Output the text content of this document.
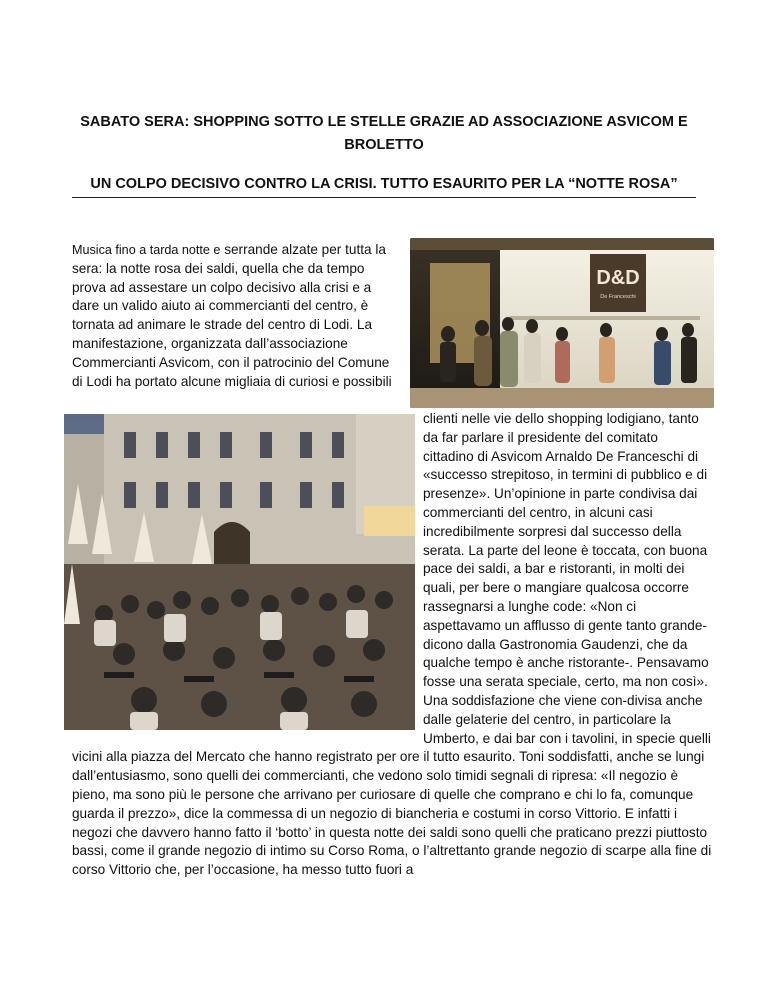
SABATO SERA: SHOPPING SOTTO LE STELLE GRAZIE AD ASSOCIAZIONE ASVICOM E BROLETTO
UN COLPO DECISIVO CONTRO LA CRISI. TUTTO ESAURITO PER LA “NOTTE ROSA”
D&D
De Franceschi
Musica fino a tarda notte e serrande alzate per tutta la sera: la notte rosa dei saldi, quella che da tempo prova ad assestare un colpo decisivo alla crisi e a dare un valido aiuto ai commercianti del centro, è tornata ad animare le strade del centro di Lodi. La manifestazione, organizzata dall’associazione Commercianti Asvicom, con il patrocinio del Comune di Lodi ha portato alcune migliaia di curiosi e possibili clienti nelle vie dello shopping lodigiano, tanto da far parlare il presidente del comitato cittadino di Asvicom Arnaldo De Franceschi di «successo strepitoso, in termini di pubblico e di presenze». Un’opinione in parte condivisa dai commercianti del centro, in alcuni casi incredibilmente sorpresi dal successo della serata. La parte del leone è toccata, con buona pace dei saldi, a bar e ristoranti, in molti dei quali, per bere o mangiare qualcosa occorre rassegnarsi a lunghe code: «Non ci aspettavamo un afflusso di gente tanto grande- dicono dalla Gastronomia Gaudenzi, che da qualche tempo è anche ristorante-. Pensavamo fosse una serata speciale, certo, ma non così». Una soddisfazione che viene con-divisa anche dalle gelaterie del centro, in particolare la Umberto, e dai bar con i tavolini, in specie quelli vicini alla piazza del Mercato che hanno registrato per ore il tutto esaurito. Toni soddisfatti, anche se lungi dall’entusiasmo, sono quelli dei commercianti, che vedono solo timidi segnali di ripresa: «Il negozio è pieno, ma sono più le persone che arrivano per curiosare di quelle che comprano e chi lo fa, comunque guarda il prezzo», dice la commessa di un negozio di biancheria e costumi in corso Vittorio. E infatti i negozi che davvero hanno fatto il ‘botto’ in questa notte dei saldi sono quelli che praticano prezzi piuttosto bassi, come il grande negozio di intimo su Corso Roma, o l’altrettanto grande negozio di scarpe alla fine di corso Vittorio che, per l’occasione, ha messo tutto fuori a
